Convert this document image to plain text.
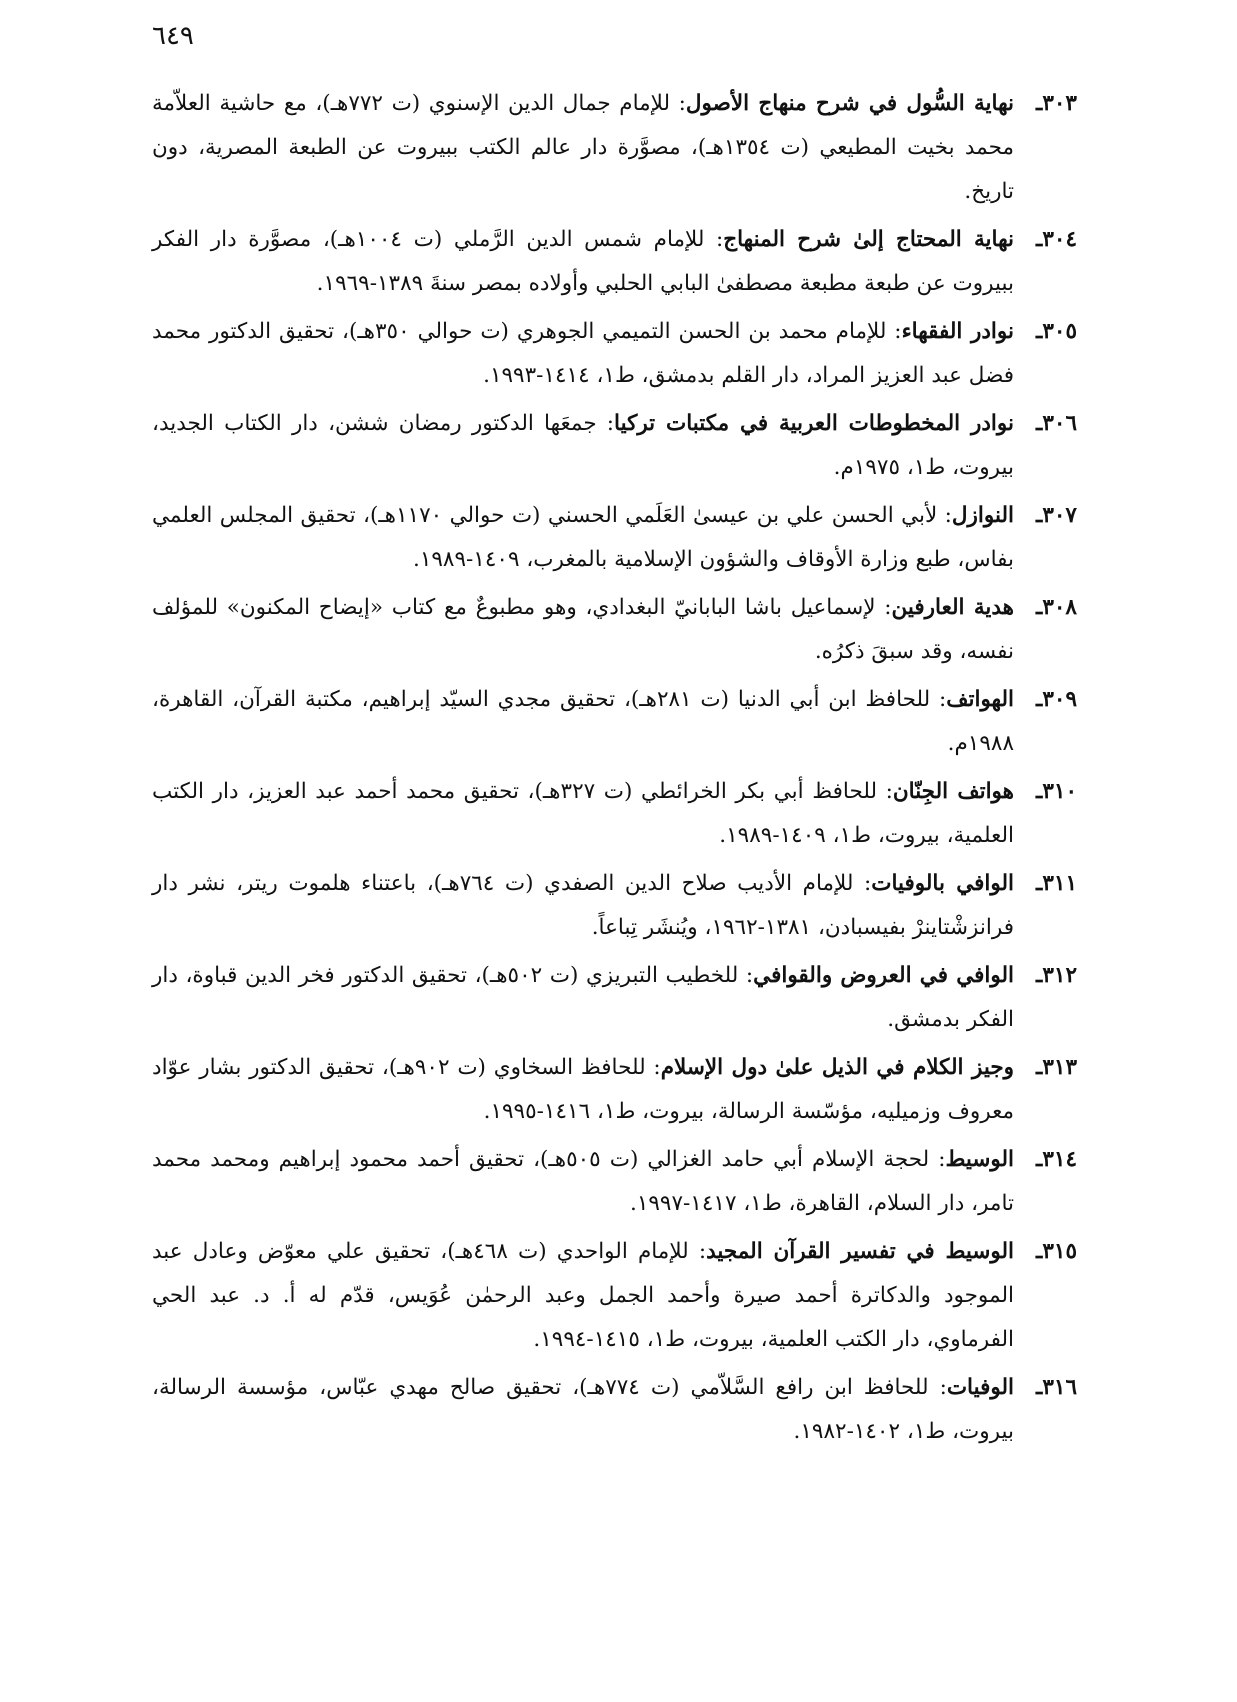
٦٤٩

٣٠٣ـنهاية السُّول في شرح منهاج الأصول: للإمام جمال الدين الإسنوي (ت ٧٧٢هـ)، مع حاشية العلاّمة محمد بخيت المطيعي (ت ١٣٥٤هـ)، مصوَّرة دار عالم الكتب ببيروت عن الطبعة المصرية، دون تاريخ.

٣٠٤ـنهاية المحتاج إلىٰ شرح المنهاج: للإمام شمس الدين الرَّملي (ت ١٠٠٤هـ)، مصوَّرة دار الفكر ببيروت عن طبعة مطبعة مصطفىٰ البابي الحلبي وأولاده بمصر سنةَ ١٣٨٩-١٩٦٩.

٣٠٥ـنوادر الفقهاء: للإمام محمد بن الحسن التميمي الجوهري (ت حوالي ٣٥٠هـ)، تحقيق الدكتور محمد فضل عبد العزيز المراد، دار القلم بدمشق، ط١، ١٤١٤-١٩٩٣.

٣٠٦ـنوادر المخطوطات العربية في مكتبات تركيا: جمعَها الدكتور رمضان ششن، دار الكتاب الجديد، بيروت، ط١، ١٩٧٥م.

٣٠٧ـالنوازل: لأبي الحسن علي بن عيسىٰ العَلَمي الحسني (ت حوالي ١١٧٠هـ)، تحقيق المجلس العلمي بفاس، طبع وزارة الأوقاف والشؤون الإسلامية بالمغرب، ١٤٠٩-١٩٨٩.

٣٠٨ـهدية العارفين: لإسماعيل باشا البابانيّ البغدادي، وهو مطبوعٌ مع كتاب «إيضاح المكنون» للمؤلف نفسه، وقد سبقَ ذكرُه.

٣٠٩ـالهواتف: للحافظ ابن أبي الدنيا (ت ٢٨١هـ)، تحقيق مجدي السيّد إبراهيم، مكتبة القرآن، القاهرة، ١٩٨٨م.

٣١٠ـهواتف الجِنّان: للحافظ أبي بكر الخرائطي (ت ٣٢٧هـ)، تحقيق محمد أحمد عبد العزيز، دار الكتب العلمية، بيروت، ط١، ١٤٠٩-١٩٨٩.

٣١١ـالوافي بالوفيات: للإمام الأديب صلاح الدين الصفدي (ت ٧٦٤هـ)، باعتناء هلموت ريتر، نشر دار فرانزشْتاينرْ بفيسبادن، ١٣٨١-١٩٦٢، ويُنشَر تِباعاً.

٣١٢ـالوافي في العروض والقوافي: للخطيب التبريزي (ت ٥٠٢هـ)، تحقيق الدكتور فخر الدين قباوة، دار الفكر بدمشق.

٣١٣ـوجيز الكلام في الذيل علىٰ دول الإسلام: للحافظ السخاوي (ت ٩٠٢هـ)، تحقيق الدكتور بشار عوّاد معروف وزميليه، مؤسّسة الرسالة، بيروت، ط١، ١٤١٦-١٩٩٥.

٣١٤ـالوسيط: لحجة الإسلام أبي حامد الغزالي (ت ٥٠٥هـ)، تحقيق أحمد محمود إبراهيم ومحمد محمد تامر، دار السلام، القاهرة، ط١، ١٤١٧-١٩٩٧.

٣١٥ـالوسيط في تفسير القرآن المجيد: للإمام الواحدي (ت ٤٦٨هـ)، تحقيق علي معوّض وعادل عبد الموجود والدكاترة أحمد صيرة وأحمد الجمل وعبد الرحمٰن عُوَيس، قدّم له أ. د. عبد الحي الفرماوي، دار الكتب العلمية، بيروت، ط١، ١٤١٥-١٩٩٤.

٣١٦ـالوفيات: للحافظ ابن رافع السَّلاّمي (ت ٧٧٤هـ)، تحقيق صالح مهدي عبّاس، مؤسسة الرسالة، بيروت، ط١، ١٤٠٢-١٩٨٢.
